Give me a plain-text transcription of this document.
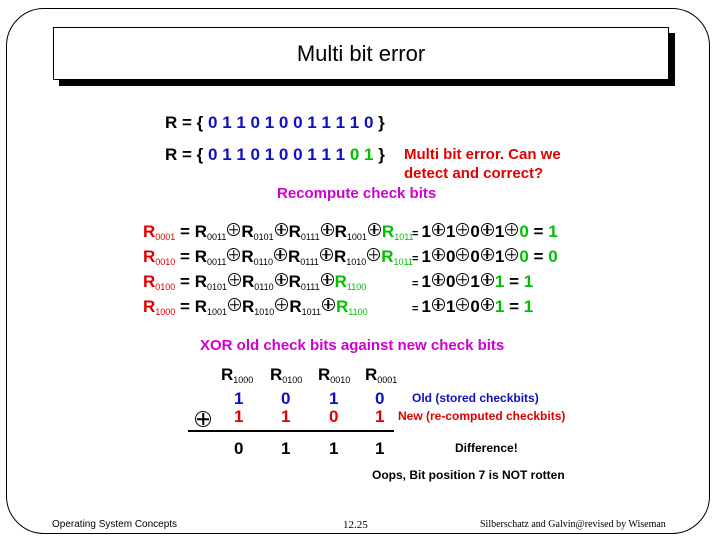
Multi bit error
R = { 0 1 1 0 1 0 0 1 1 1 1 0 }
R = { 0 1 1 0 1 0 0 1 1 1 0 1 } Multi bit error. Can we
detect and correct?
Recompute check bits
$R_{0001} = R_{0011}$ $R_{0101}$ $R_{0111}$ $R_{1001}$ $R_{1011}$
= 1 1 0 1 0 = 1
$R_{0010} = R_{0011}$ $R_{0110}$ $R_{0111}$ $R_{1010}$ $R_{1011} = 1$ 0 0 1 0 = 0
$R_{0100} = R_{0101}$ $R_{0110}$ $R_{0111}$ $R_{1100}$	= 1 0 1 1 = 1
$R_{1000} = R_{1001}$ $R_{1010}$ $R_{1011}$ $R_{1100}$	= 1 1 0 1 = 1
XOR old check bits against new check bits
$R_{1000}$ $R_{0100}$ $R_{0010}$ $R_{0001}$
1 0 1 0 Old (stored checkbits)
1 1 0 1 New (re-computed checkbits)
0 1 1 1	Difference!
Oops, Bit position 7 is NOT rotten
Operating System Concepts	12.25	Silberschatz and Galvin@revised by Wiseman
